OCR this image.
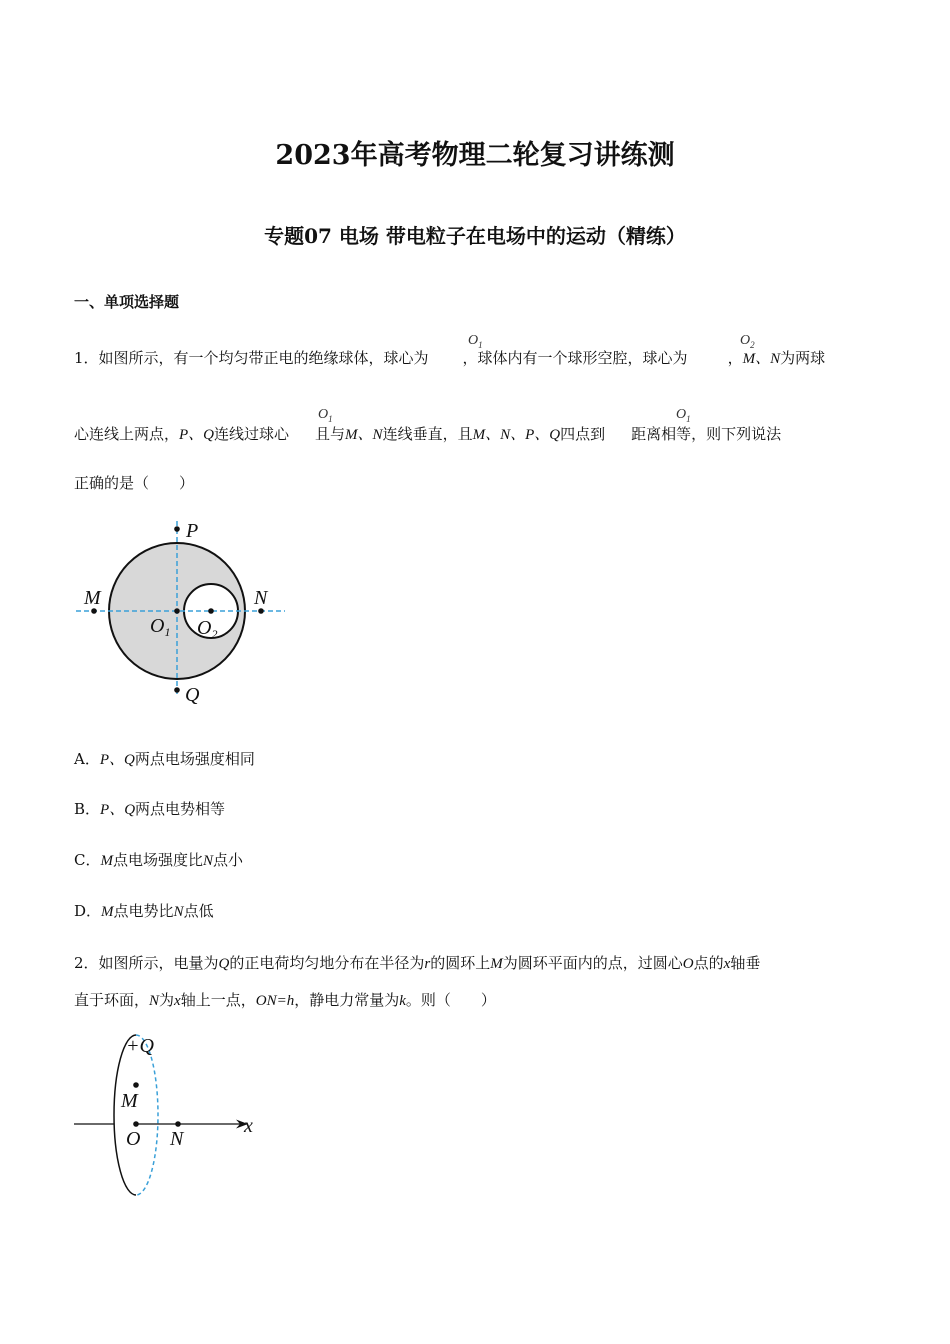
2023年高考物理二轮复习讲练测
专题07 电场 带电粒子在电场中的运动（精练）
一、单项选择题
1．如图所示，有一个均匀带正电的绝缘球体，球心为 ，球体内有一个球形空腔，球心为	，M、N为两球
$O_1$	$O_2$
心连线上两点，P、Q连线过球心 且与M、N连线垂直，且M、N、P、Q四点到 距离相等，则下列说法
$O_1$	$O_1$
正确的是（　　）
P
Q
M	N
$O_1$ $O_2$
A．P、Q两点电场强度相同
B．P、Q两点电势相等
C．M点电场强度比N点小
D．M点电势比N点低
2．如图所示，电量为Q的正电荷均匀地分布在半径为r的圆环上M为圆环平面内的点，过圆心O点的x轴垂
直于环面，N为x轴上一点，ON=h，静电力常量为k。则（　　）
+Q
M
O N
x
